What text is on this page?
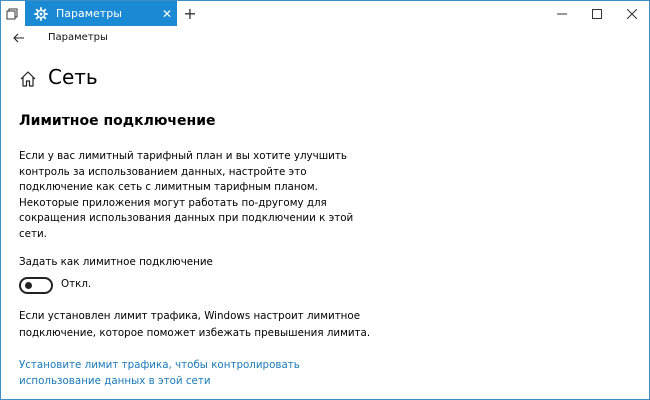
Параметры	✕ +
Параметры
Сеть
Лимитное подключение

Если у вас лимитный тарифный план и вы хотите улучшить контроль за использованием данных, настройте это подключение как сеть с лимитным тарифным планом. Некоторые приложения могут работать по-другому для сокращения использования данных при подключении к этой сети.

Задать как лимитное подключение
Откл.

Если установлен лимит трафика, Windows настроит лимитное подключение, которое поможет избежать превышения лимита.

Установите лимит трафика, чтобы контролировать использование данных в этой сети
